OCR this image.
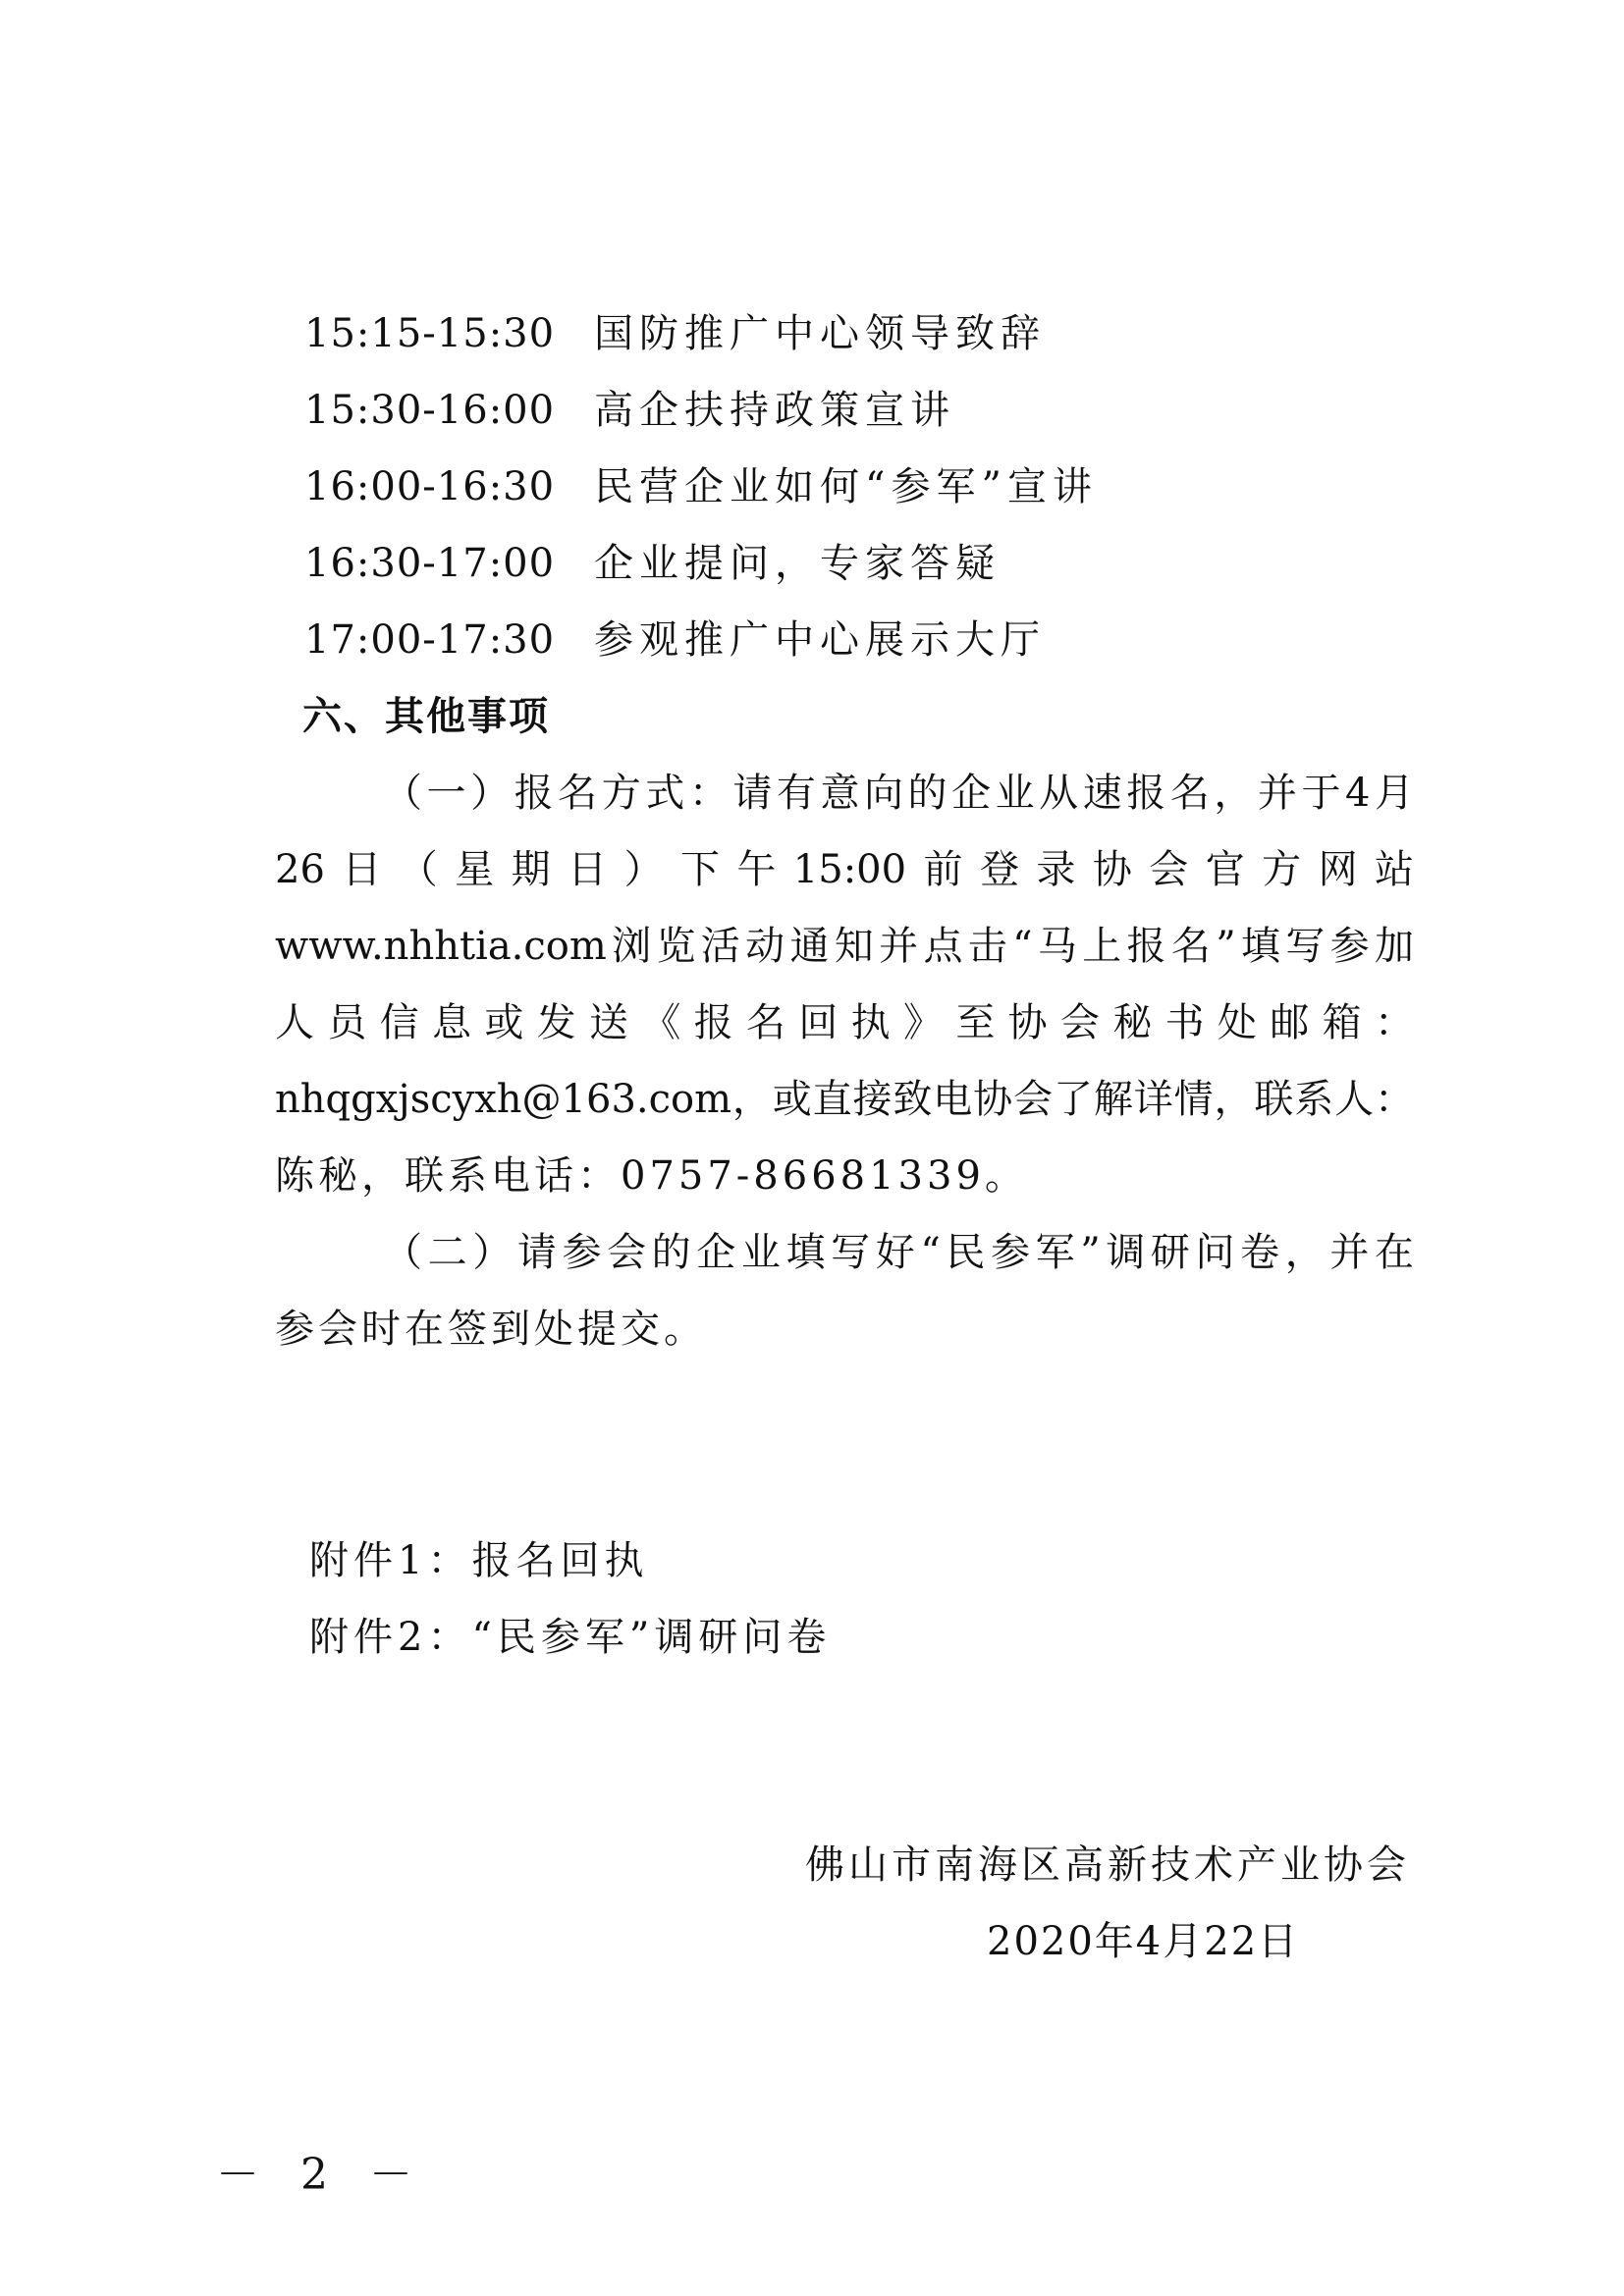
15:15-15:30 国防推广中心领导致辞
15:30-16:00 高企扶持政策宣讲
16:00-16:30 民营企业如何“参军”宣讲
16:30-17:00 企业提问，专家答疑
17:00-17:30 参观推广中心展示大厅
六、其他事项
（一）报名方式：请有意向的企业从速报名，并于4月
26日（星期日）下午15:00前登录协会官方网站
www.nhhtia.com浏览活动通知并点击“马上报名”填写参加
人员信息或发送《报名回执》至协会秘书处邮箱：
nhqgxjscyxh@163.com，或直接致电协会了解详情，联系人：
陈秘，联系电话：0757-86681339。
（二）请参会的企业填写好“民参军”调研问卷，并在
参会时在签到处提交。
附件1：报名回执
附件2：“民参军”调研问卷
佛山市南海区高新技术产业协会
2020年4月22日
－ 2 －
